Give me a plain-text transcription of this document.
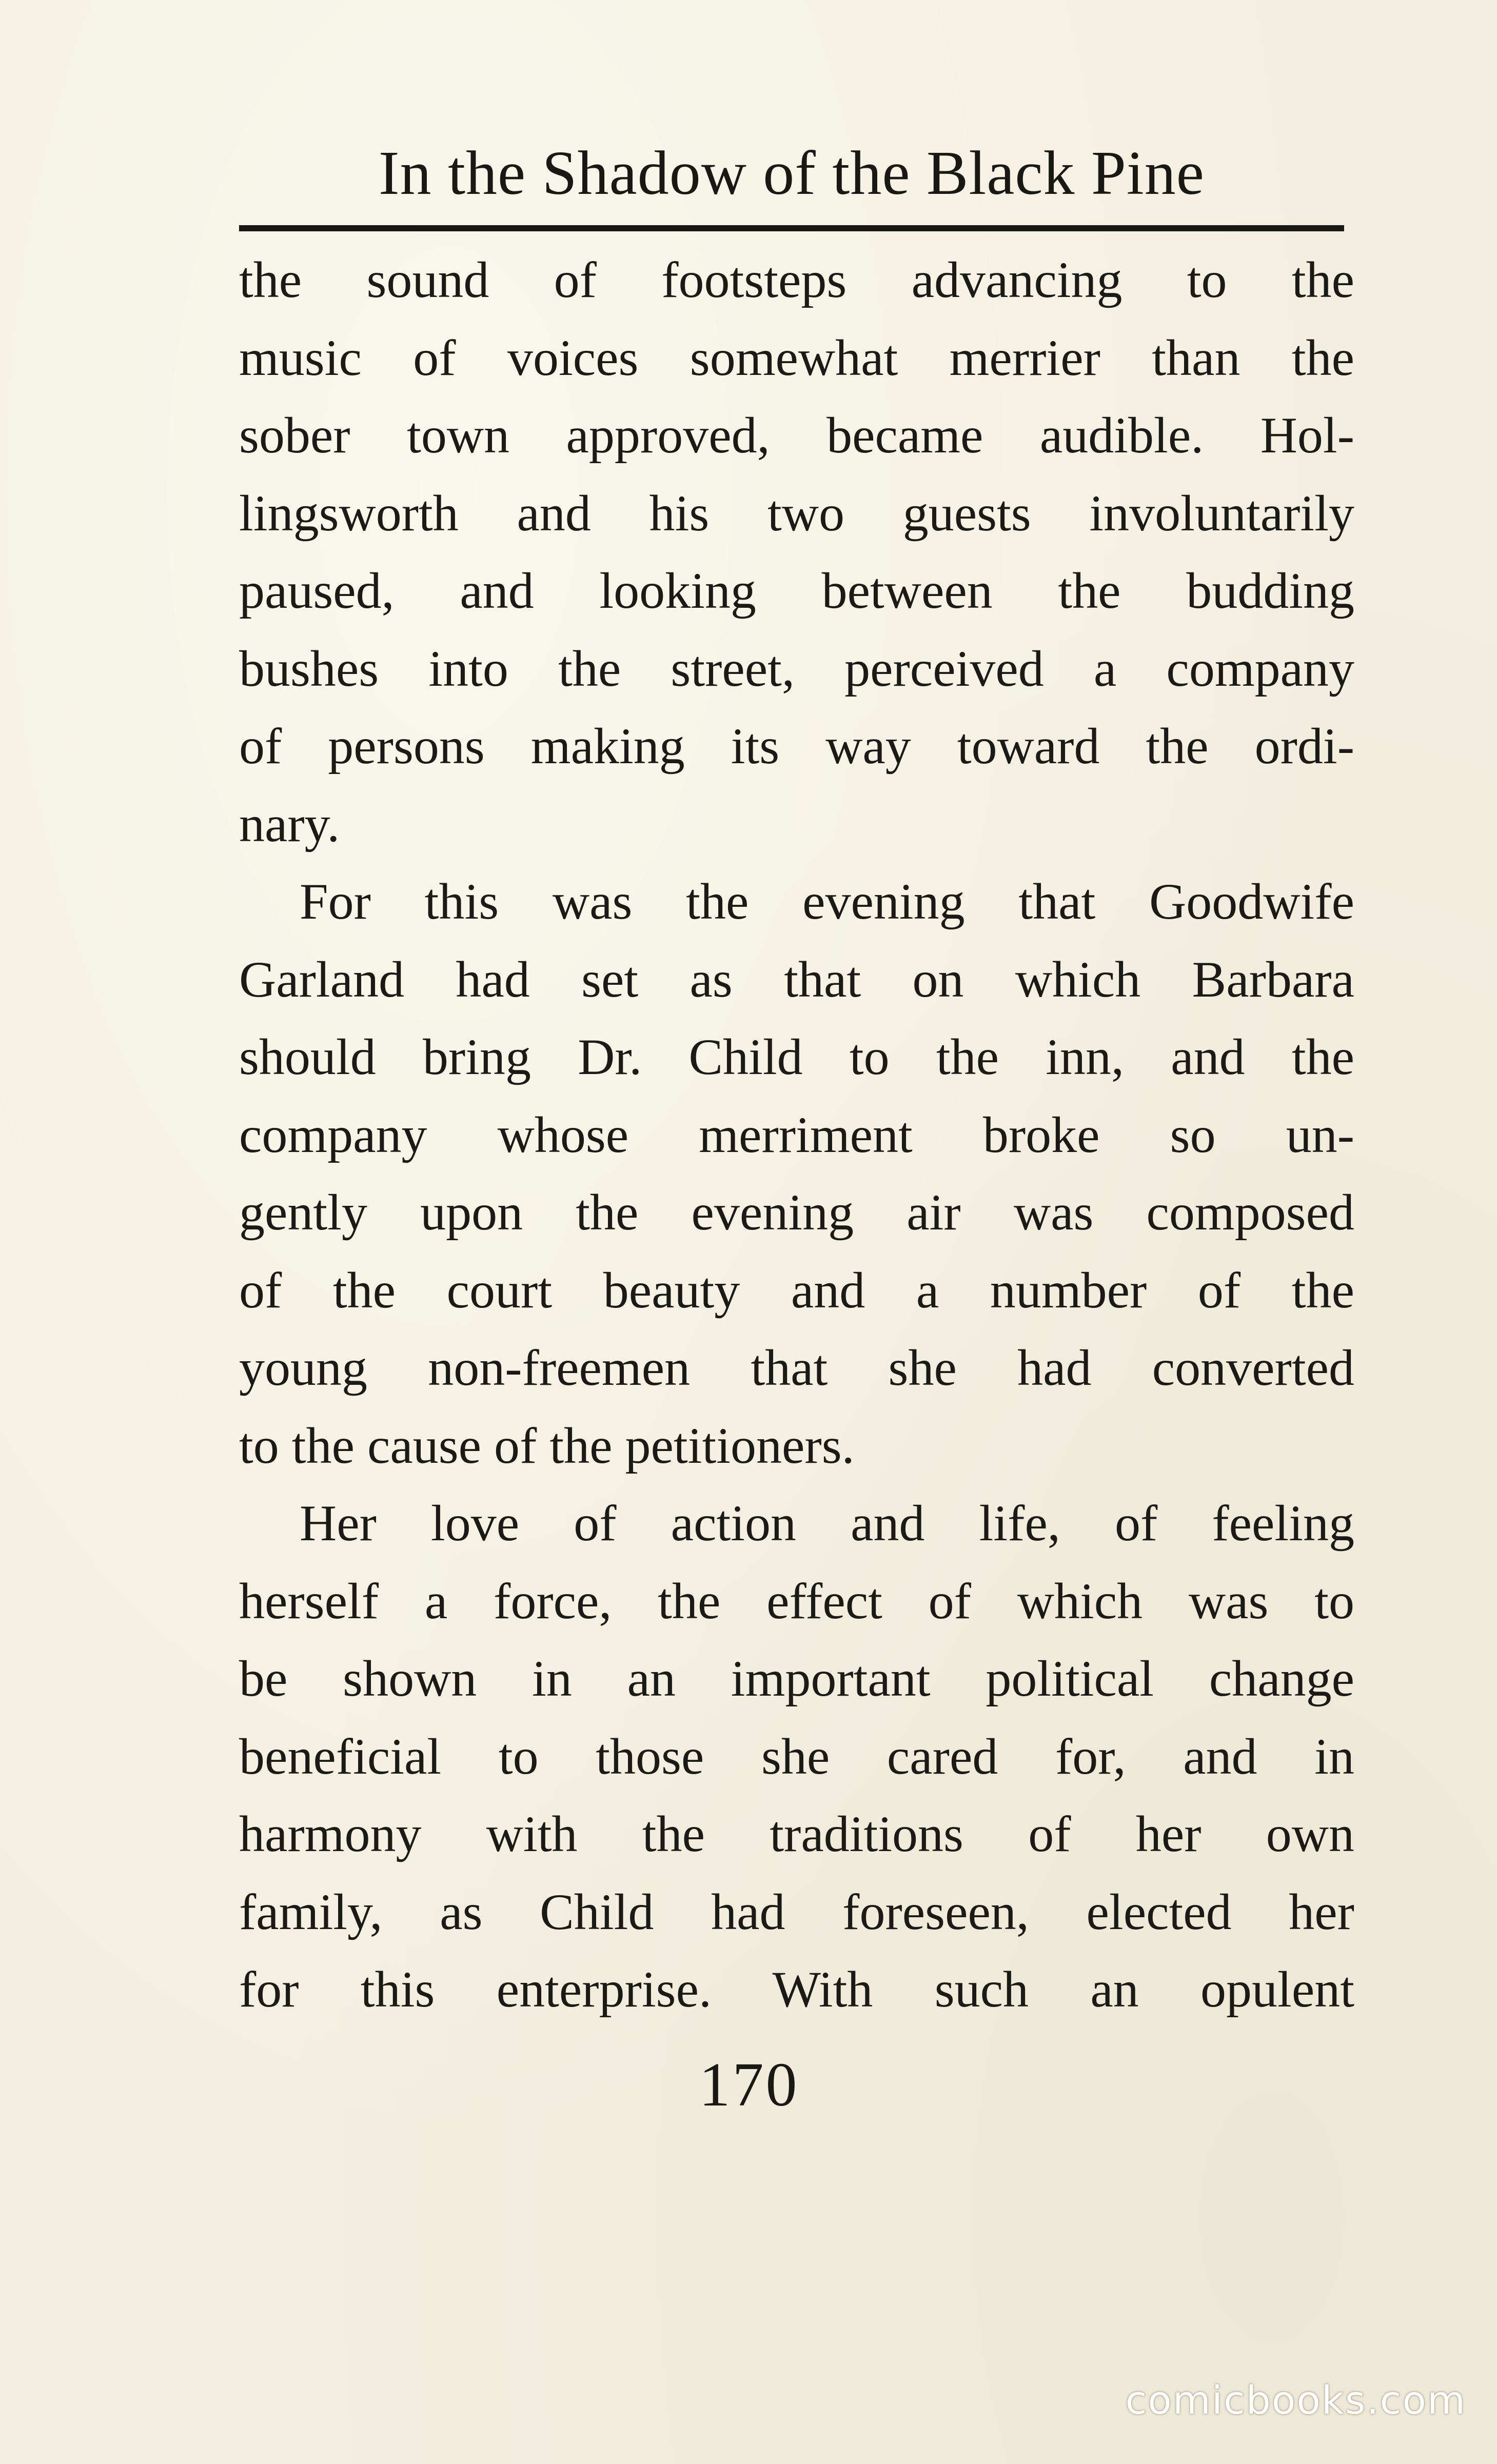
In the Shadow of the Black Pine
the sound of footsteps advancing to the
music of voices somewhat merrier than the
sober town approved, became audible. Hol-
lingsworth and his two guests involuntarily
paused, and looking between the budding
bushes into the street, perceived a company
of persons making its way toward the ordi-
nary.
For this was the evening that Goodwife
Garland had set as that on which Barbara
should bring Dr. Child to the inn, and the
company whose merriment broke so un-
gently upon the evening air was composed
of the court beauty and a number of the
young non-freemen that she had converted
to the cause of the petitioners.
Her love of action and life, of feeling
herself a force, the effect of which was to
be shown in an important political change
beneficial to those she cared for, and in
harmony with the traditions of her own
family, as Child had foreseen, elected her
for this enterprise. With such an opulent
170
comicbooks.com
